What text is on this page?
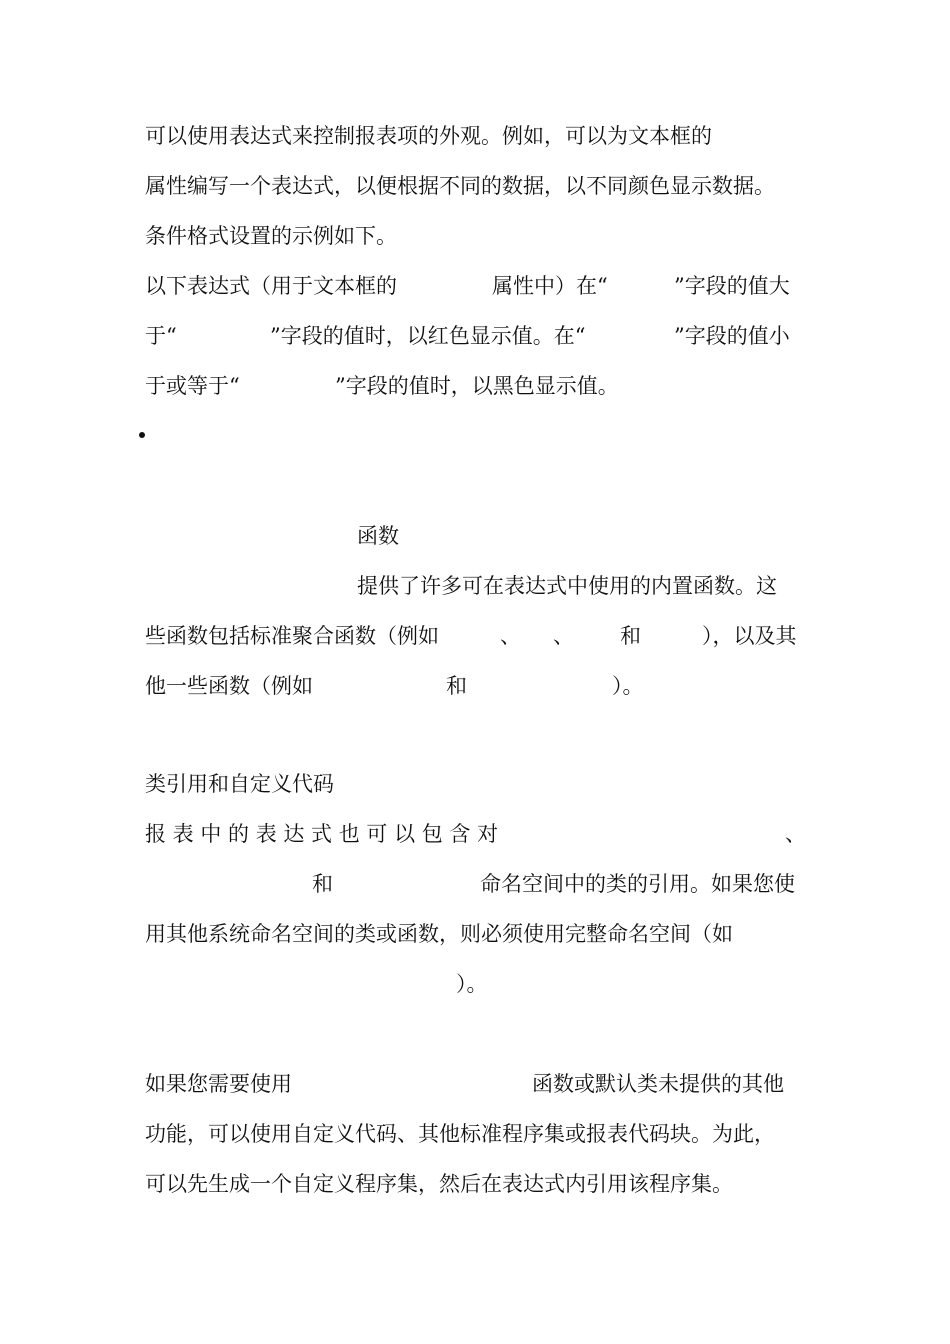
可以使用表达式来控制报表项的外观。例如，可以为文本框的
属性编写一个表达式，以便根据不同的数据，以不同颜色显示数据。
条件格式设置的示例如下。
以下表达式（用于文本框的	属性中）在“	”字段的值大
于“	”字段的值时，以红色显示值。在“	”字段的值小
于或等于“	”字段的值时，以黑色显示值。
函数
提供了许多可在表达式中使用的内置函数。这
些函数包括标准聚合函数（例如	、 、 和	），以及其
他一些函数（例如	和	）。
类引用和自定义代码
报 表 中 的 表 达 式 也 可 以 包 含 对	、
和	命名空间中的类的引用。如果您使
用其他系统命名空间的类或函数，则必须使用完整命名空间（如
）。
如果您需要使用	函数或默认类未提供的其他
功能，可以使用自定义代码、其他标准程序集或报表代码块。为此，
可以先生成一个自定义程序集，然后在表达式内引用该程序集。
